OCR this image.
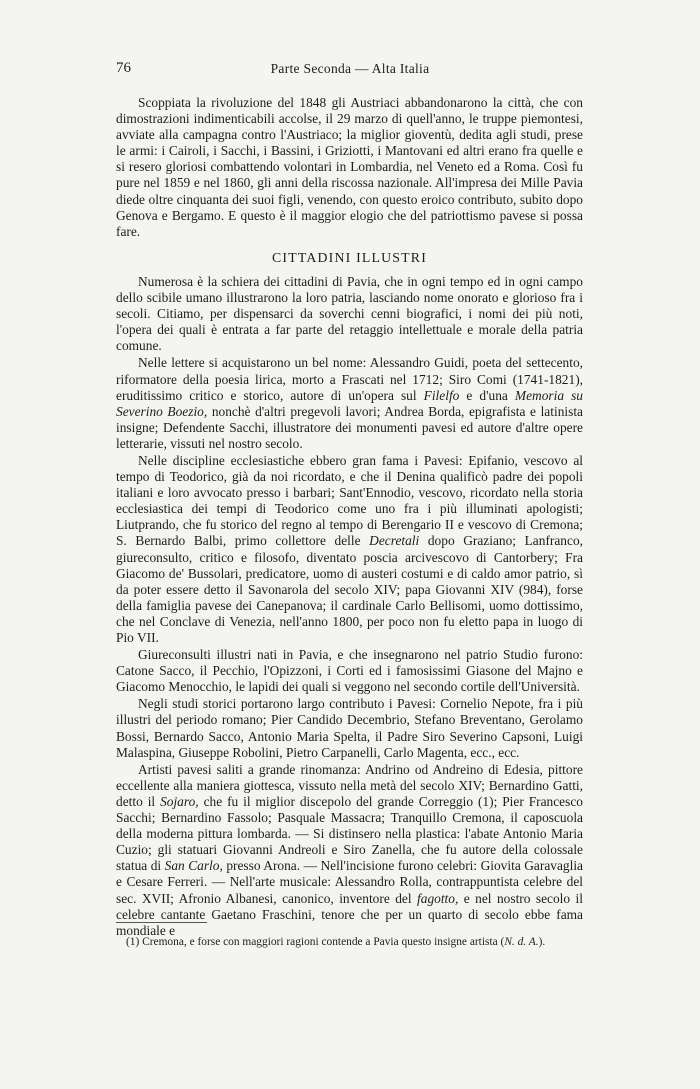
76	Parte Seconda — Alta Italia

Scoppiata la rivoluzione del 1848 gli Austriaci abbandonarono la città, che con dimostrazioni indimenticabili accolse, il 29 marzo di quell'anno, le truppe piemontesi, avviate alla campagna contro l'Austriaco; la miglior gioventù, dedita agli studi, prese le armi: i Cairoli, i Sacchi, i Bassini, i Griziotti, i Mantovani ed altri erano fra quelle e si resero gloriosi combattendo volontari in Lombardia, nel Veneto ed a Roma. Così fu pure nel 1859 e nel 1860, gli anni della riscossa nazionale. All'impresa dei Mille Pavia diede oltre cinquanta dei suoi figli, venendo, con questo eroico contributo, subito dopo Genova e Bergamo. E questo è il maggior elogio che del patriottismo pavese si possa fare.

CITTADINI ILLUSTRI

Numerosa è la schiera dei cittadini di Pavia, che in ogni tempo ed in ogni campo dello scibile umano illustrarono la loro patria, lasciando nome onorato e glorioso fra i secoli. Citiamo, per dispensarci da soverchi cenni biografici, i nomi dei più noti, l'opera dei quali è entrata a far parte del retaggio intellettuale e morale della patria comune.

Nelle lettere si acquistarono un bel nome: Alessandro Guidi, poeta del settecento, riformatore della poesia lirica, morto a Frascati nel 1712; Siro Comi (1741-1821), eruditissimo critico e storico, autore di un'opera sul Filelfo e d'una Memoria su Severino Boezio, nonchè d'altri pregevoli lavori; Andrea Borda, epigrafista e latinista insigne; Defendente Sacchi, illustratore dei monumenti pavesi ed autore d'altre opere letterarie, vissuti nel nostro secolo.

Nelle discipline ecclesiastiche ebbero gran fama i Pavesi: Epifanio, vescovo al tempo di Teodorico, già da noi ricordato, e che il Denina qualificò padre dei popoli italiani e loro avvocato presso i barbari; Sant'Ennodio, vescovo, ricordato nella storia ecclesiastica dei tempi di Teodorico come uno fra i più illuminati apologisti; Liutprando, che fu storico del regno al tempo di Berengario II e vescovo di Cremona; S. Bernardo Balbi, primo collettore delle Decretali dopo Graziano; Lanfranco, giureconsulto, critico e filosofo, diventato poscia arcivescovo di Cantorbery; Fra Giacomo de' Bussolari, predicatore, uomo di austeri costumi e di caldo amor patrio, sì da poter essere detto il Savonarola del secolo XIV; papa Giovanni XIV (984), forse della famiglia pavese dei Canepanova; il cardinale Carlo Bellisomi, uomo dottissimo, che nel Conclave di Venezia, nell'anno 1800, per poco non fu eletto papa in luogo di Pio VII.

Giureconsulti illustri nati in Pavia, e che insegnarono nel patrio Studio furono: Catone Sacco, il Pecchio, l'Opizzoni, i Corti ed i famosissimi Giasone del Majno e Giacomo Menocchio, le lapidi dei quali si veggono nel secondo cortile dell'Università.

Negli studi storici portarono largo contributo i Pavesi: Cornelio Nepote, fra i più illustri del periodo romano; Pier Candido Decembrio, Stefano Breventano, Gerolamo Bossi, Bernardo Sacco, Antonio Maria Spelta, il Padre Siro Severino Capsoni, Luigi Malaspina, Giuseppe Robolini, Pietro Carpanelli, Carlo Magenta, ecc., ecc.

Artisti pavesi saliti a grande rinomanza: Andrino od Andreino di Edesia, pittore eccellente alla maniera giottesca, vissuto nella metà del secolo XIV; Bernardino Gatti, detto il Sojaro, che fu il miglior discepolo del grande Correggio (1); Pier Francesco Sacchi; Bernardino Fassolo; Pasquale Massacra; Tranquillo Cremona, il caposcuola della moderna pittura lombarda. — Si distinsero nella plastica: l'abate Antonio Maria Cuzio; gli statuari Giovanni Andreoli e Siro Zanella, che fu autore della colossale statua di San Carlo, presso Arona. — Nell'incisione furono celebri: Giovita Garavaglia e Cesare Ferreri. — Nell'arte musicale: Alessandro Rolla, contrappuntista celebre del sec. XVII; Afronio Albanesi, canonico, inventore del fagotto, e nel nostro secolo il celebre cantante Gaetano Fraschini, tenore che per un quarto di secolo ebbe fama mondiale e

(1) Cremona, e forse con maggiori ragioni contende a Pavia questo insigne artista (N. d. A.).
